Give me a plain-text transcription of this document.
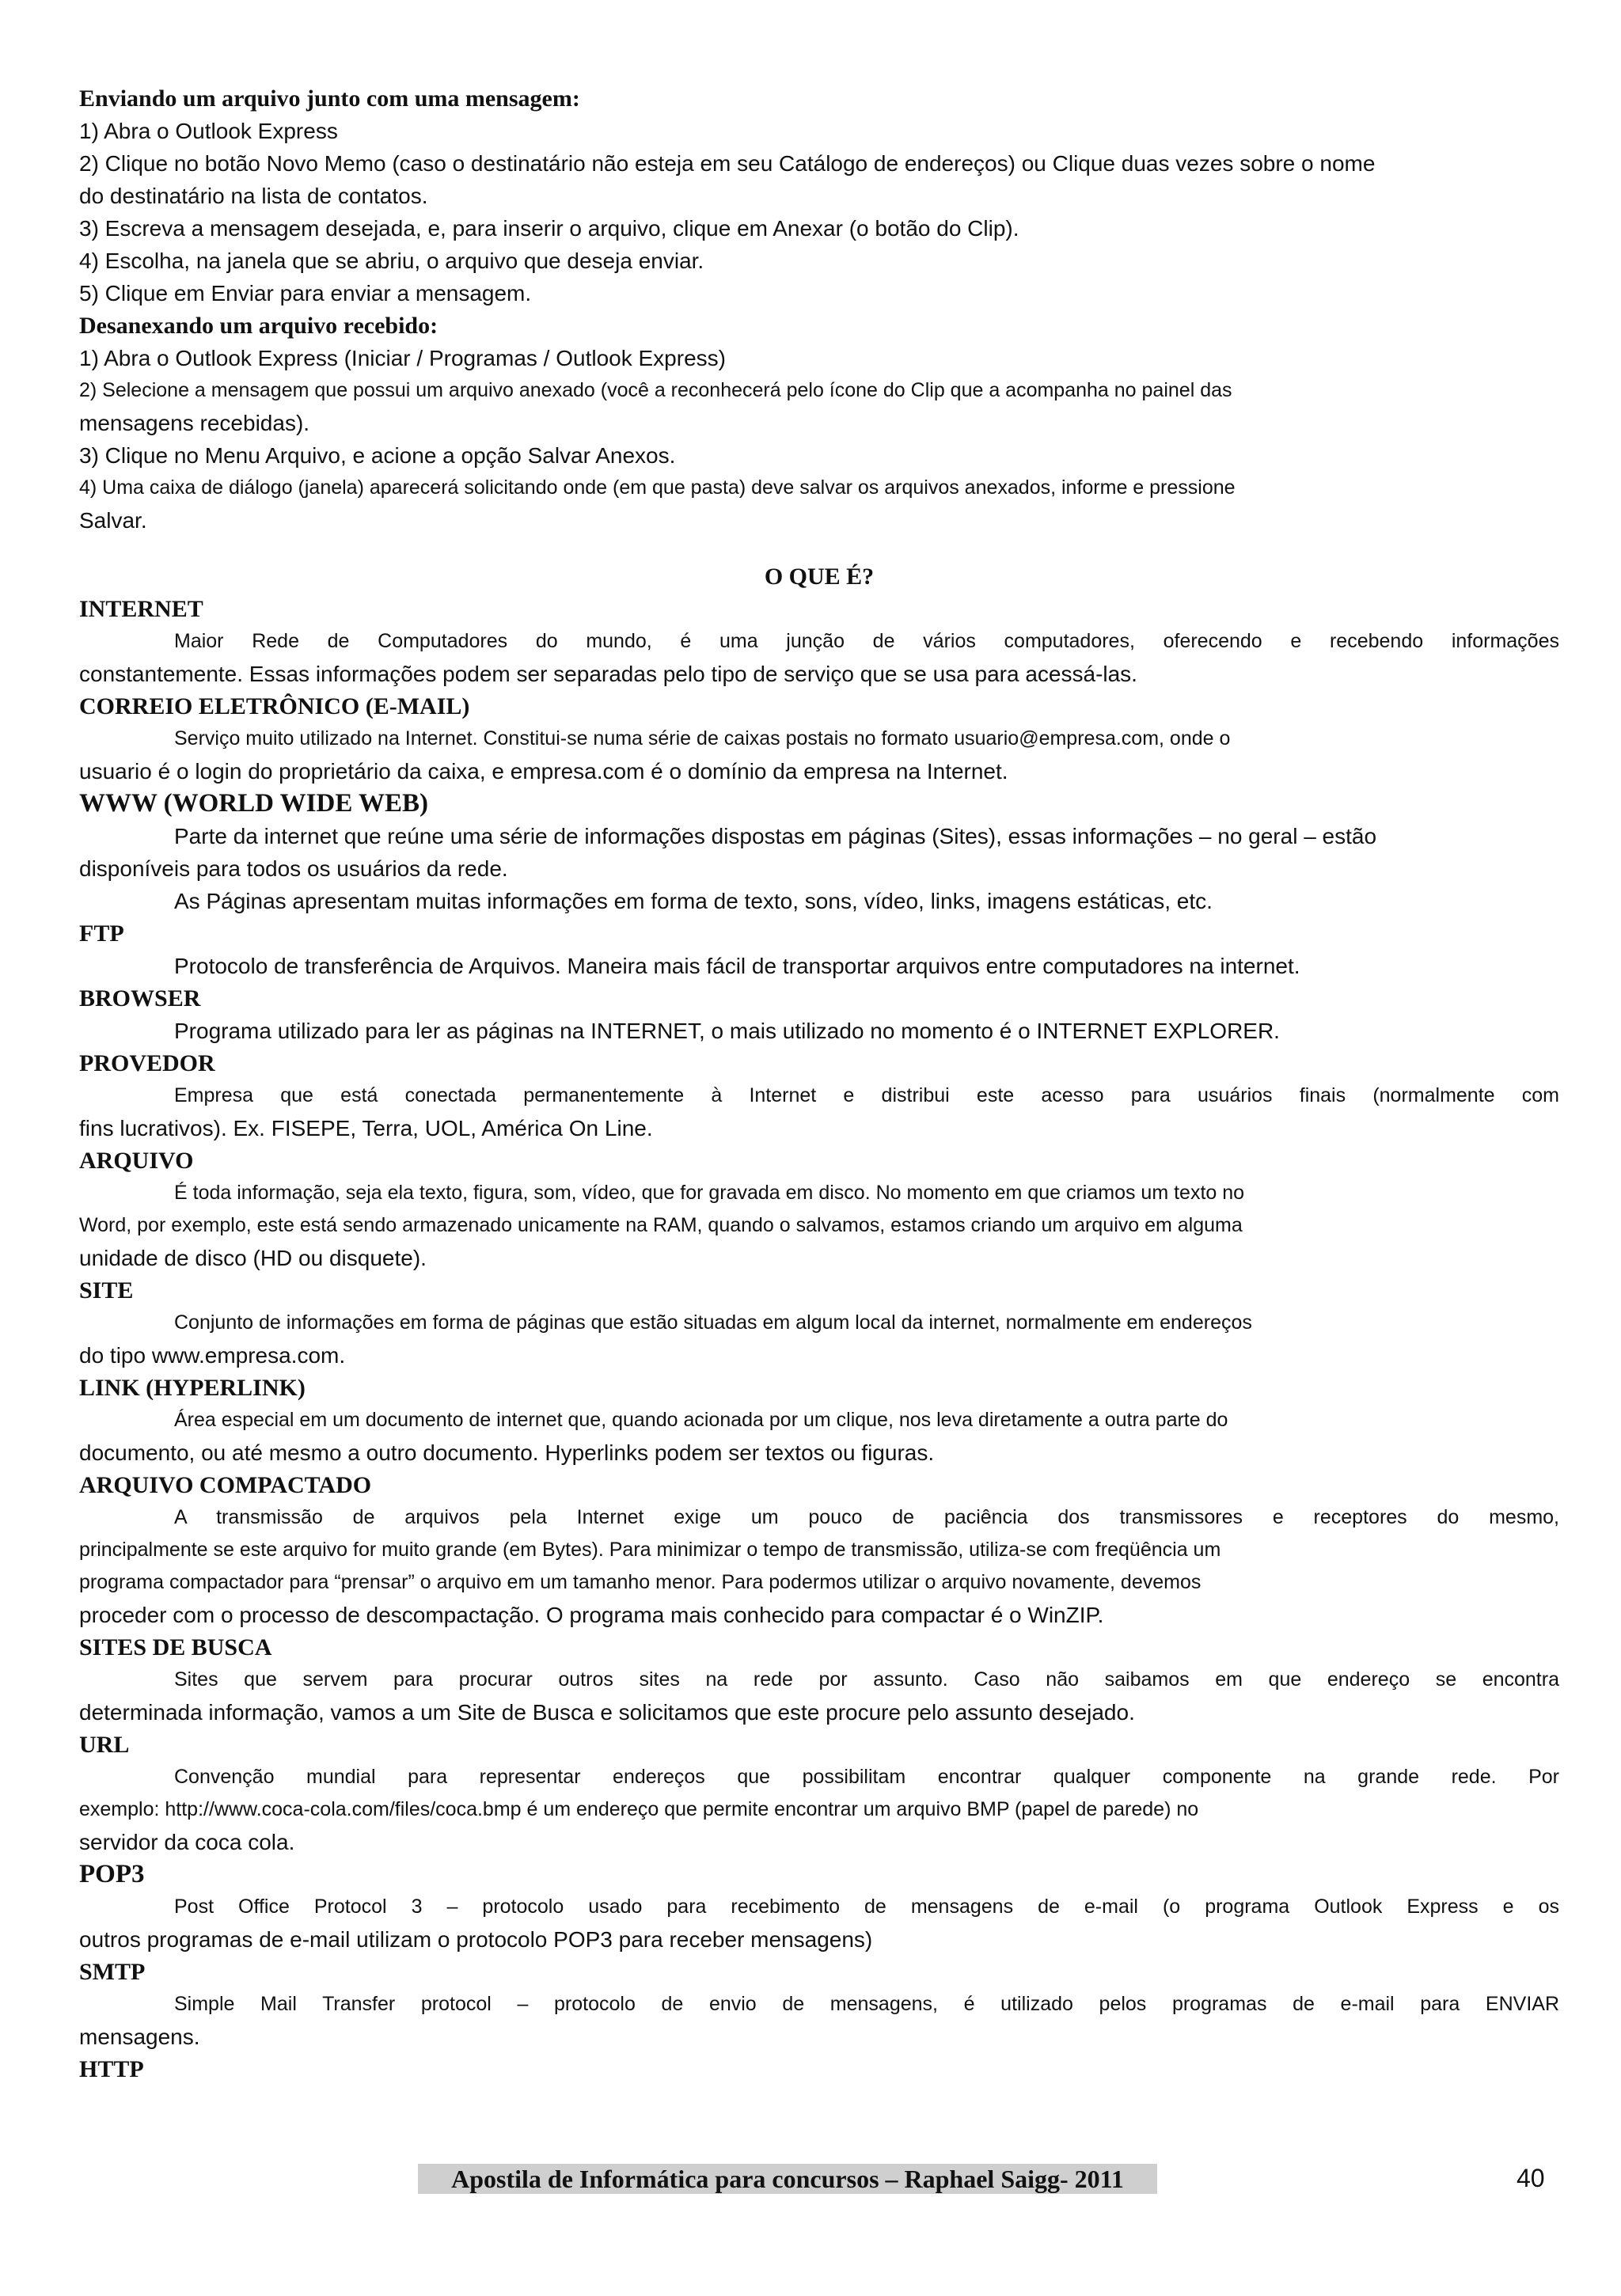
Enviando um arquivo junto com uma mensagem:
1) Abra o Outlook Express
2) Clique no botão Novo Memo (caso o destinatário não esteja em seu Catálogo de endereços) ou Clique duas vezes sobre o nome
do destinatário na lista de contatos.
3) Escreva a mensagem desejada, e, para inserir o arquivo, clique em Anexar (o botão do Clip).
4) Escolha, na janela que se abriu, o arquivo que deseja enviar.
5) Clique em Enviar para enviar a mensagem.
Desanexando um arquivo recebido:
1) Abra o Outlook Express (Iniciar / Programas / Outlook Express)
2) Selecione a mensagem que possui um arquivo anexado (você a reconhecerá pelo ícone do Clip que a acompanha no painel das
mensagens recebidas).
3) Clique no Menu Arquivo, e acione a opção Salvar Anexos.
4) Uma caixa de diálogo (janela) aparecerá solicitando onde (em que pasta) deve salvar os arquivos anexados, informe e pressione
Salvar.
O QUE É?
INTERNET
Maior Rede de Computadores do mundo, é uma junção de vários computadores, oferecendo e recebendo informações
constantemente. Essas informações podem ser separadas pelo tipo de serviço que se usa para acessá-las.
CORREIO ELETRÔNICO (E-MAIL)
Serviço muito utilizado na Internet. Constitui-se numa série de caixas postais no formato usuario@empresa.com, onde o
usuario é o login do proprietário da caixa, e empresa.com é o domínio da empresa na Internet.
WWW (WORLD WIDE WEB)
Parte da internet que reúne uma série de informações dispostas em páginas (Sites), essas informações – no geral – estão
disponíveis para todos os usuários da rede.
As Páginas apresentam muitas informações em forma de texto, sons, vídeo, links, imagens estáticas, etc.
FTP
Protocolo de transferência de Arquivos. Maneira mais fácil de transportar arquivos entre computadores na internet.
BROWSER
Programa utilizado para ler as páginas na INTERNET, o mais utilizado no momento é o INTERNET EXPLORER.
PROVEDOR
Empresa que está conectada permanentemente à Internet e distribui este acesso para usuários finais (normalmente com
fins lucrativos). Ex. FISEPE, Terra, UOL, América On Line.
ARQUIVO
É toda informação, seja ela texto, figura, som, vídeo, que for gravada em disco. No momento em que criamos um texto no
Word, por exemplo, este está sendo armazenado unicamente na RAM, quando o salvamos, estamos criando um arquivo em alguma
unidade de disco (HD ou disquete).
SITE
Conjunto de informações em forma de páginas que estão situadas em algum local da internet, normalmente em endereços
do tipo www.empresa.com.
LINK (HYPERLINK)
Área especial em um documento de internet que, quando acionada por um clique, nos leva diretamente a outra parte do
documento, ou até mesmo a outro documento. Hyperlinks podem ser textos ou figuras.
ARQUIVO COMPACTADO
A transmissão de arquivos pela Internet exige um pouco de paciência dos transmissores e receptores do mesmo,
principalmente se este arquivo for muito grande (em Bytes). Para minimizar o tempo de transmissão, utiliza-se com freqüência um
programa compactador para “prensar” o arquivo em um tamanho menor. Para podermos utilizar o arquivo novamente, devemos
proceder com o processo de descompactação. O programa mais conhecido para compactar é o WinZIP.
SITES DE BUSCA
Sites que servem para procurar outros sites na rede por assunto. Caso não saibamos em que endereço se encontra
determinada informação, vamos a um Site de Busca e solicitamos que este procure pelo assunto desejado.
URL
Convenção mundial para representar endereços que possibilitam encontrar qualquer componente na grande rede. Por
exemplo: http://www.coca-cola.com/files/coca.bmp é um endereço que permite encontrar um arquivo BMP (papel de parede) no
servidor da coca cola.
POP3
Post Office Protocol 3 – protocolo usado para recebimento de mensagens de e-mail (o programa Outlook Express e os
outros programas de e-mail utilizam o protocolo POP3 para receber mensagens)
SMTP
Simple Mail Transfer protocol – protocolo de envio de mensagens, é utilizado pelos programas de e-mail para ENVIAR
mensagens.
HTTP
Apostila de Informática para concursos – Raphael Saigg- 2011	40
